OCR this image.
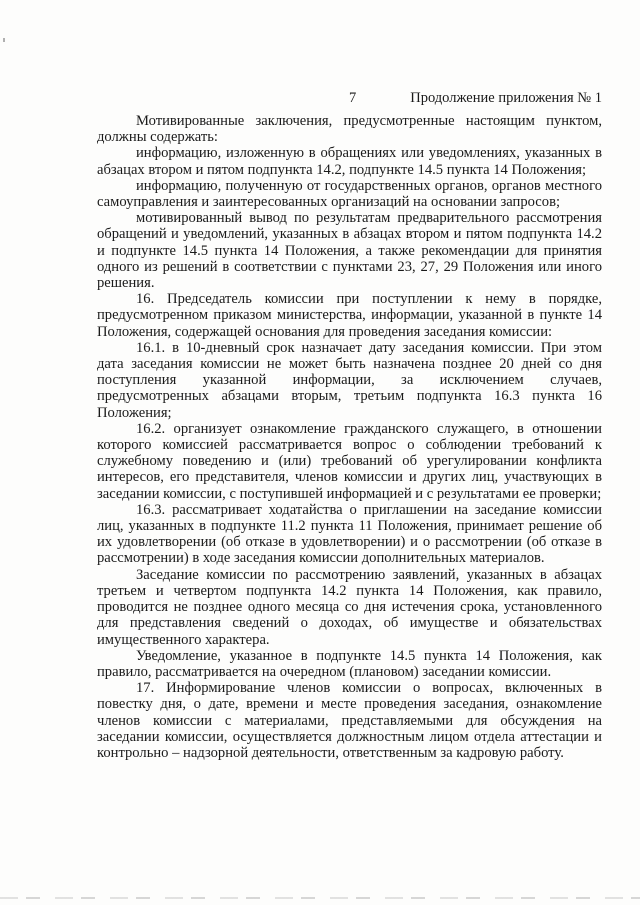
7	Продолжение приложения № 1

Мотивированные заключения, предусмотренные настоящим пунктом, должны содержать:

информацию, изложенную в обращениях или уведомлениях, указанных в абзацах втором и пятом подпункта 14.2, подпункте 14.5 пункта 14 Положения;

информацию, полученную от государственных органов, органов местного самоуправления и заинтересованных организаций на основании запросов;

мотивированный вывод по результатам предварительного рассмотрения обращений и уведомлений, указанных в абзацах втором и пятом подпункта 14.2 и подпункте 14.5 пункта 14 Положения, а также рекомендации для принятия одного из решений в соответствии с пунктами 23, 27, 29 Положения или иного решения.

16. Председатель комиссии при поступлении к нему в порядке, предусмотренном приказом министерства, информации, указанной в пункте 14 Положения, содержащей основания для проведения заседания комиссии:

16.1. в 10-дневный срок назначает дату заседания комиссии. При этом дата заседания комиссии не может быть назначена позднее 20 дней со дня поступления указанной информации, за исключением случаев, предусмотренных абзацами вторым, третьим подпункта 16.3 пункта 16 Положения;

16.2. организует ознакомление гражданского служащего, в отношении которого комиссией рассматривается вопрос о соблюдении требований к служебному поведению и (или) требований об урегулировании конфликта интересов, его представителя, членов комиссии и других лиц, участвующих в заседании комиссии, с поступившей информацией и с результатами ее проверки;

16.3. рассматривает ходатайства о приглашении на заседание комиссии лиц, указанных в подпункте 11.2 пункта 11 Положения, принимает решение об их удовлетворении (об отказе в удовлетворении) и о рассмотрении (об отказе в рассмотрении) в ходе заседания комиссии дополнительных материалов.

Заседание комиссии по рассмотрению заявлений, указанных в абзацах третьем и четвертом подпункта 14.2 пункта 14 Положения, как правило, проводится не позднее одного месяца со дня истечения срока, установленного для представления сведений о доходах, об имуществе и обязательствах имущественного характера.

Уведомление, указанное в подпункте 14.5 пункта 14 Положения, как правило, рассматривается на очередном (плановом) заседании комиссии.

17. Информирование членов комиссии о вопросах, включенных в повестку дня, о дате, времени и месте проведения заседания, ознакомление членов комиссии с материалами, представляемыми для обсуждения на заседании комиссии, осуществляется должностным лицом отдела аттестации и контрольно – надзорной деятельности, ответственным за кадровую работу.
